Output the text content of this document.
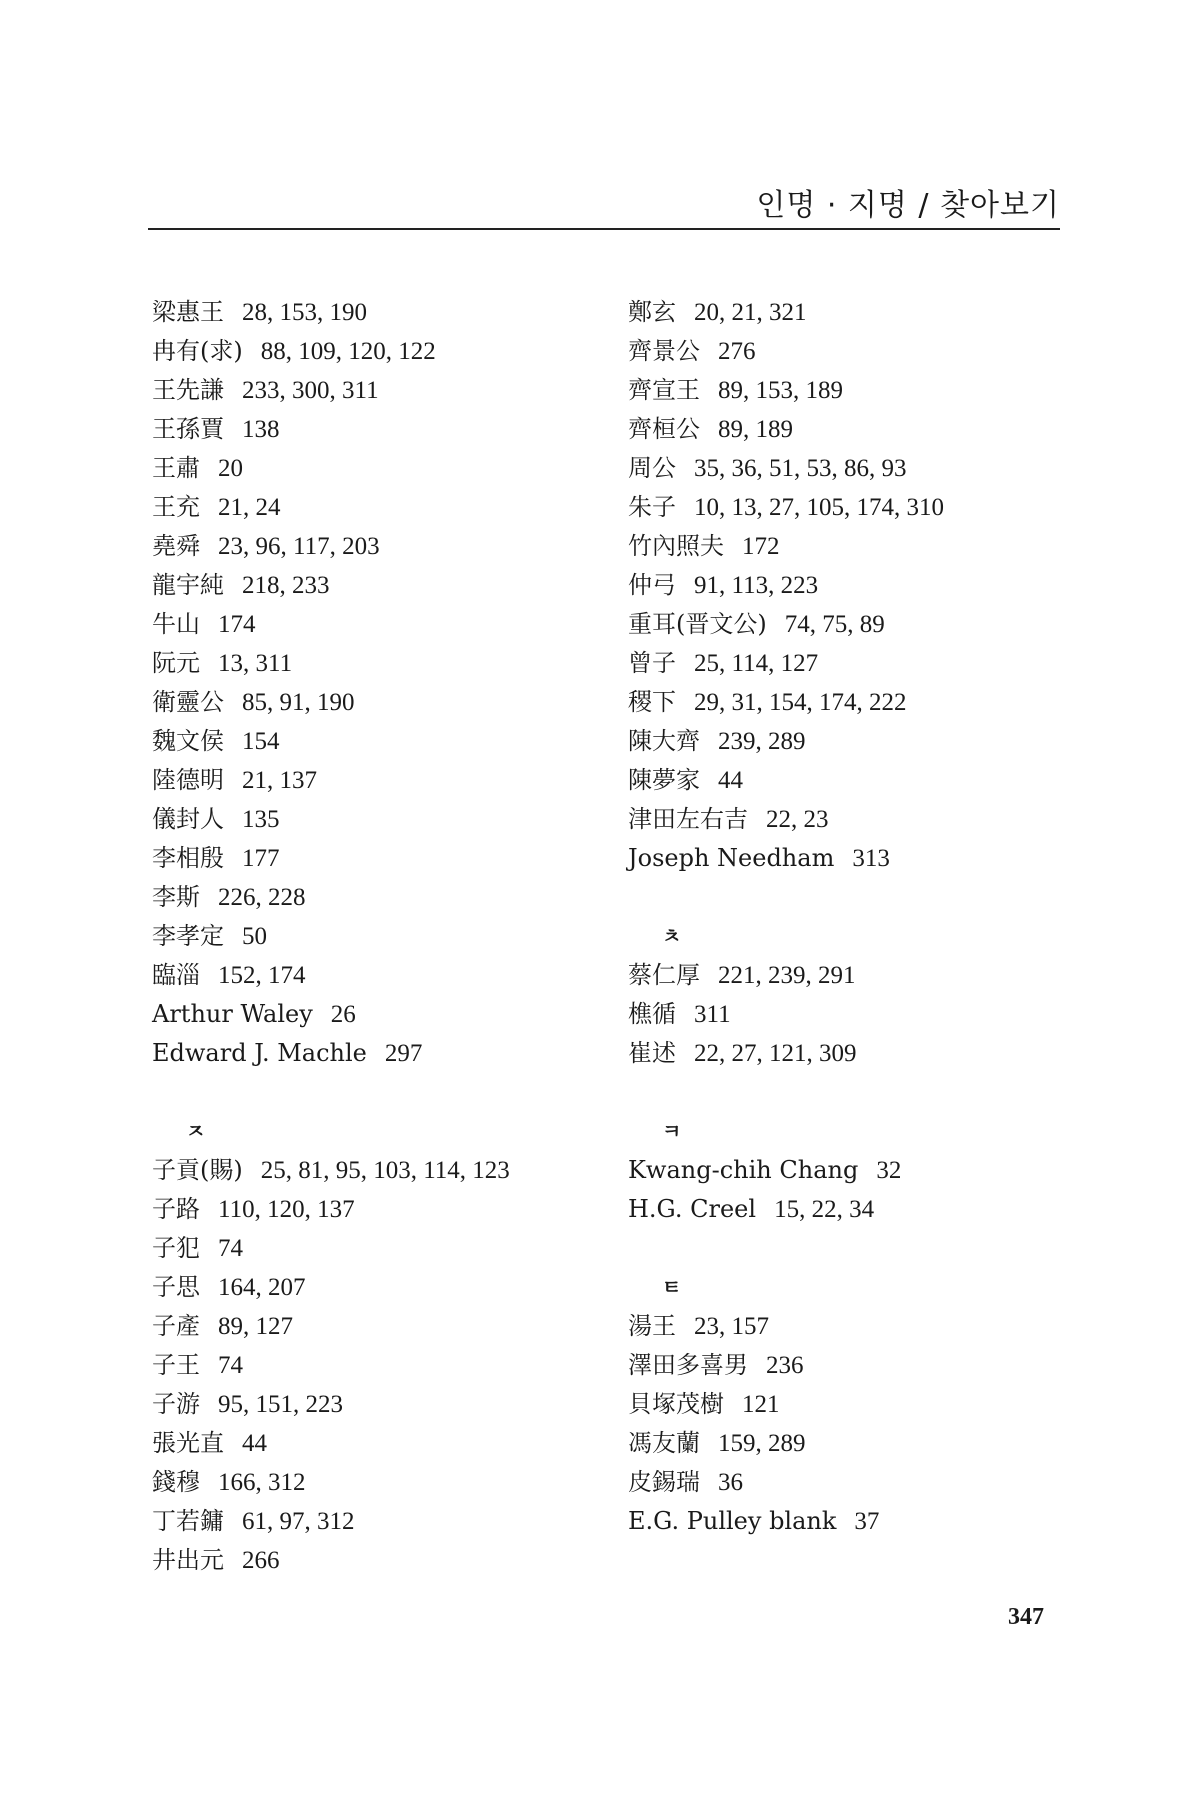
인명 · 지명 / 찾아보기
梁惠王 28, 153, 190
冉有(求) 88, 109, 120, 122
王先謙 233, 300, 311
王孫賈 138
王肅 20
王充 21, 24
堯舜 23, 96, 117, 203
龍宇純 218, 233
牛山 174
阮元 13, 311
衛靈公 85, 91, 190
魏文侯 154
陸德明 21, 137
儀封人 135
李相殷 177
李斯 226, 228
李孝定 50
臨淄 152, 174
Arthur Waley 26
Edward J. Machle 297
ㅈ
子貢(賜) 25, 81, 95, 103, 114, 123
子路 110, 120, 137
子犯 74
子思 164, 207
子產 89, 127
子王 74
子游 95, 151, 223
張光直 44
錢穆 166, 312
丁若鏞 61, 97, 312
井出元 266
鄭玄 20, 21, 321
齊景公 276
齊宣王 89, 153, 189
齊桓公 89, 189
周公 35, 36, 51, 53, 86, 93
朱子 10, 13, 27, 105, 174, 310
竹內照夫 172
仲弓 91, 113, 223
重耳(晋文公) 74, 75, 89
曾子 25, 114, 127
稷下 29, 31, 154, 174, 222
陳大齊 239, 289
陳夢家 44
津田左右吉 22, 23
Joseph Needham 313
ㅊ
蔡仁厚 221, 239, 291
樵循 311
崔述 22, 27, 121, 309
ㅋ
Kwang-chih Chang 32
H.G. Creel 15, 22, 34
ㅌ
湯王 23, 157
澤田多喜男 236
貝塚茂樹 121
馮友蘭 159, 289
皮錫瑞 36
E.G. Pulley blank 37
347
